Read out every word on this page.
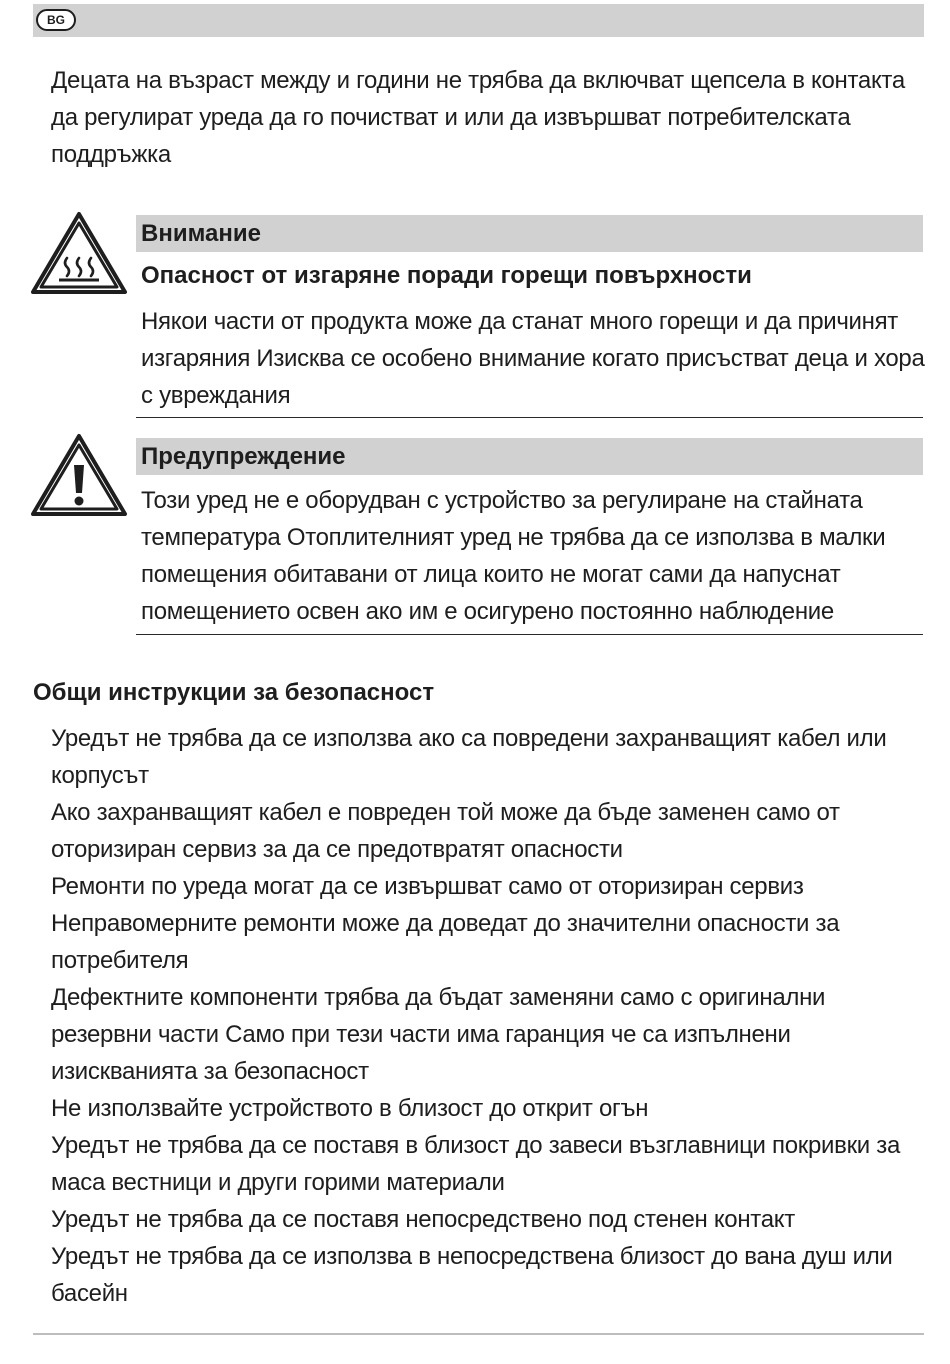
BG

Децата на възраст между и години не трябва да включват щепсела в контакта да регулират уреда да го почистват и или да извършват потребителската поддръжка

Внимание
Опасност от изгаряне поради горещи повърхности

Някои части от продукта може да станат много горещи и да причинят изгаряния Изисква се особено внимание когато присъстват деца и хора с увреждания

Предупреждение

Този уред не е оборудван с устройство за регулиране на стайната температура Отоплителният уред не трябва да се използва в малки помещения обитавани от лица които не могат сами да напуснат помещението освен ако им е осигурено постоянно наблюдение

Общи инструкции за безопасност

Уредът не трябва да се използва ако са повредени захранващият кабел или корпусът

Ако захранващият кабел е повреден той може да бъде заменен само от оторизиран сервиз за да се предотвратят опасности

Ремонти по уреда могат да се извършват само от оторизиран сервиз Неправомерните ремонти може да доведат до значителни опасности за потребителя

Дефектните компоненти трябва да бъдат заменяни само с оригинални резервни части Само при тези части има гаранция че са изпълнени изискванията за безопасност

Не използвайте устройството в близост до открит огън

Уредът не трябва да се поставя в близост до завеси възглавници покривки за маса вестници и други горими материали

Уредът не трябва да се поставя непосредствено под стенен контакт

Уредът не трябва да се използва в непосредствена близост до вана душ или басейн
